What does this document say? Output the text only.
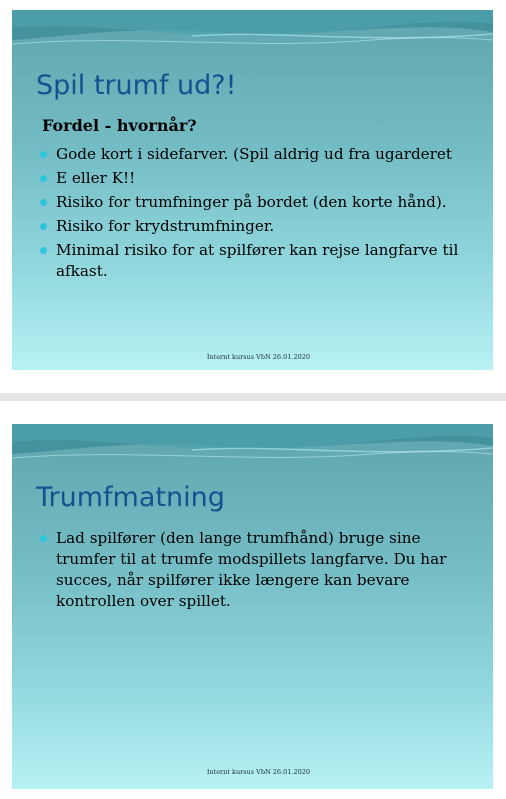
Spil trumf ud?!
Fordel - hvornår?
Gode kort i sidefarver. (Spil aldrig ud fra ugarderet
E eller K!!
Risiko for trumfninger på bordet (den korte hånd).
Risiko for krydstrumfninger.
Minimal risiko for at spilfører kan rejse langfarve til afkast.
Internt kursus VbN 26.01.2020
Trumfmatning
Lad spilfører (den lange trumfhånd) bruge sine trumfer til at trumfe modspillets langfarve. Du har succes, når spilfører ikke længere kan bevare kontrollen over spillet.
Internt kursus VbN 26.01.2020
